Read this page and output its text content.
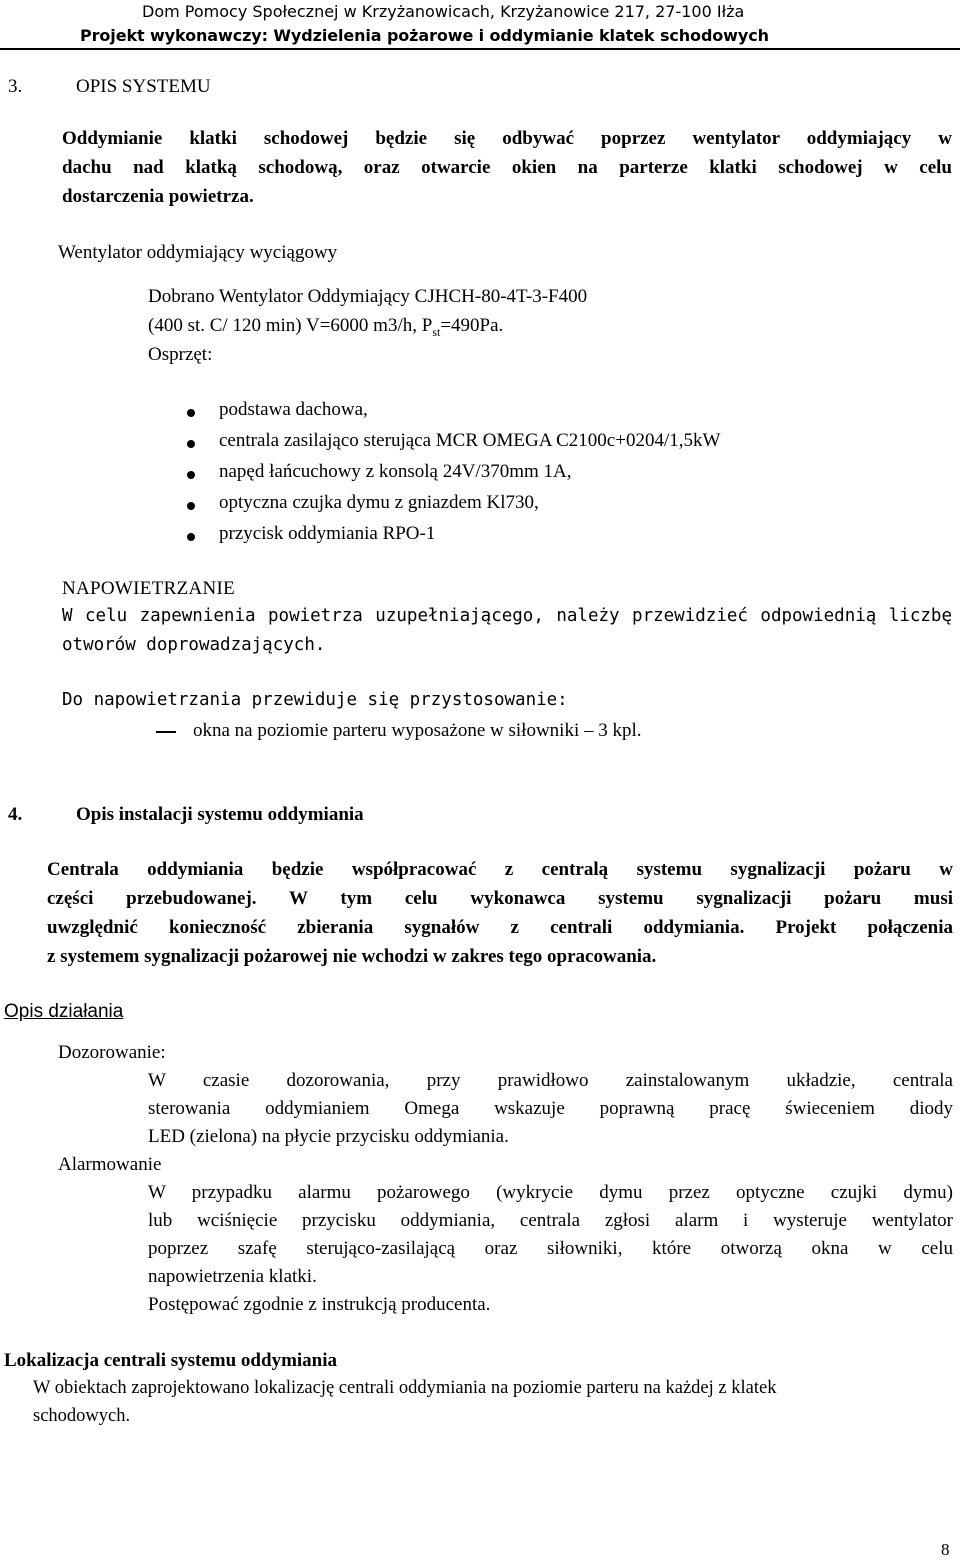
Dom Pomocy Społecznej w Krzyżanowicach, Krzyżanowice 217, 27-100 Iłża
Projekt wykonawczy: Wydzielenia pożarowe i oddymianie klatek schodowych
3.	OPIS SYSTEMU
Oddymianie klatki schodowej będzie się odbywać poprzez wentylator oddymiający w
dachu nad klatką schodową, oraz otwarcie okien na parterze klatki schodowej w celu
dostarczenia powietrza.
Wentylator oddymiający wyciągowy
Dobrano Wentylator Oddymiający CJHCH-80-4T-3-F400
(400 st. C/ 120 min) V=6000 m3/h, $P_{st}=490Pa$.
Osprzęt:
podstawa dachowa,
centrala zasilająco sterująca MCR OMEGA C2100c+0204/1,5kW
napęd łańcuchowy z konsolą 24V/370mm 1A,
optyczna czujka dymu z gniazdem Kl730,
przycisk oddymiania RPO-1
NAPOWIETRZANIE
W celu zapewnienia powietrza uzupełniającego, należy przewidzieć odpowiednią liczbę
otworów doprowadzających.
Do napowietrzania przewiduje się przystosowanie:
okna na poziomie parteru wyposażone w siłowniki – 3 kpl.
4.	Opis instalacji systemu oddymiania
Centrala oddymiania będzie współpracować z centralą systemu sygnalizacji pożaru w
części przebudowanej. W tym celu wykonawca systemu sygnalizacji pożaru musi
uwzględnić konieczność zbierania sygnałów z centrali oddymiania. Projekt połączenia
z systemem sygnalizacji pożarowej nie wchodzi w zakres tego opracowania.
Opis działania
Dozorowanie:
W czasie dozorowania, przy prawidłowo zainstalowanym układzie, centrala
sterowania oddymianiem Omega wskazuje poprawną pracę świeceniem diody
LED (zielona) na płycie przycisku oddymiania.
Alarmowanie
W przypadku alarmu pożarowego (wykrycie dymu przez optyczne czujki dymu)
lub wciśnięcie przycisku oddymiania, centrala zgłosi alarm i wysteruje wentylator
poprzez szafę sterująco-zasilającą oraz siłowniki, które otworzą okna w celu
napowietrzenia klatki.
Postępować zgodnie z instrukcją producenta.
Lokalizacja centrali systemu oddymiania
W obiektach zaprojektowano lokalizację centrali oddymiania na poziomie parteru na każdej z klatek
schodowych.
8
